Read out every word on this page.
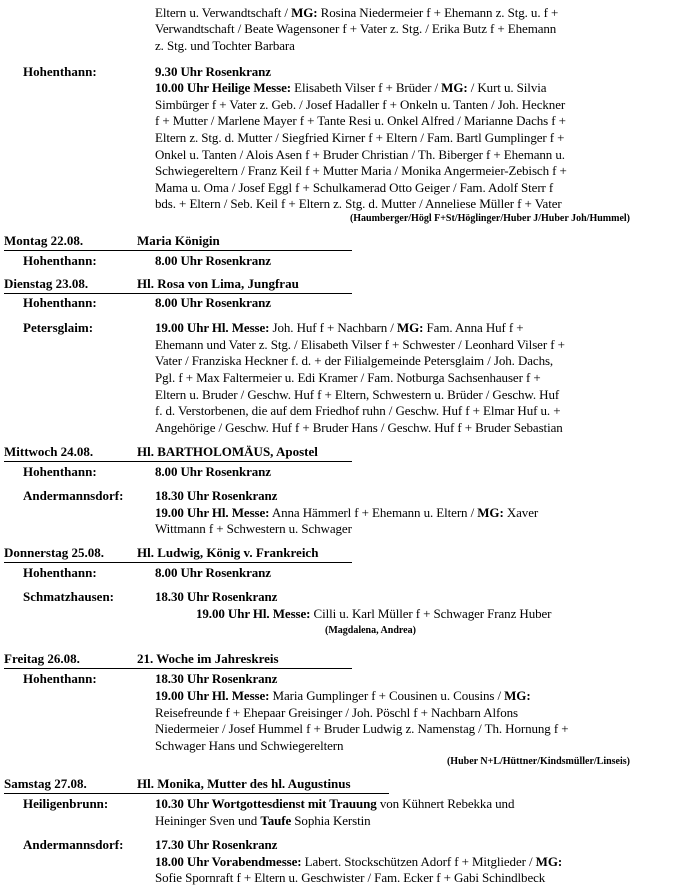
Eltern u. Verwandtschaft / MG: Rosina Niedermeier f + Ehemann z. Stg. u. f +
Verwandtschaft / Beate Wagensoner f + Vater z. Stg. / Erika Butz f + Ehemann
z. Stg. und Tochter Barbara
Hohenthann:	9.30 Uhr Rosenkranz
10.00 Uhr Heilige Messe: Elisabeth Vilser f + Brüder / MG: / Kurt u. Silvia
Simbürger f + Vater z. Geb. / Josef Hadaller f + Onkeln u. Tanten / Joh. Heckner
f + Mutter / Marlene Mayer f + Tante Resi u. Onkel Alfred / Marianne Dachs f +
Eltern z. Stg. d. Mutter / Siegfried Kirner f + Eltern / Fam. Bartl Gumplinger f +
Onkel u. Tanten / Alois Asen f + Bruder Christian / Th. Biberger f + Ehemann u.
Schwiegereltern / Franz Keil f + Mutter Maria / Monika Angermeier-Zebisch f +
Mama u. Oma / Josef Eggl f + Schulkamerad Otto Geiger / Fam. Adolf Sterr f
bds. + Eltern / Seb. Keil f + Eltern z. Stg. d. Mutter / Anneliese Müller f + Vater
(Haumberger/Högl F+St/Höglinger/Huber J/Huber Joh/Hummel)
Montag 22.08.	Maria Königin
Hohenthann:	8.00 Uhr Rosenkranz
Dienstag 23.08.	Hl. Rosa von Lima, Jungfrau
Hohenthann:	8.00 Uhr Rosenkranz
Petersglaim:	19.00 Uhr Hl. Messe: Joh. Huf f + Nachbarn / MG: Fam. Anna Huf f +
Ehemann und Vater z. Stg. / Elisabeth Vilser f + Schwester / Leonhard Vilser f +
Vater / Franziska Heckner f. d. + der Filialgemeinde Petersglaim / Joh. Dachs,
Pgl. f + Max Faltermeier u. Edi Kramer / Fam. Notburga Sachsenhauser f +
Eltern u. Bruder / Geschw. Huf f + Eltern, Schwestern u. Brüder / Geschw. Huf
f. d. Verstorbenen, die auf dem Friedhof ruhn / Geschw. Huf f + Elmar Huf u. +
Angehörige / Geschw. Huf f + Bruder Hans / Geschw. Huf f + Bruder Sebastian
Mittwoch 24.08.	Hl. BARTHOLOMÄUS, Apostel
Hohenthann:	8.00 Uhr Rosenkranz
Andermannsdorf: 18.30 Uhr Rosenkranz
19.00 Uhr Hl. Messe: Anna Hämmerl f + Ehemann u. Eltern / MG: Xaver
Wittmann f + Schwestern u. Schwager
Donnerstag 25.08.	Hl. Ludwig, König v. Frankreich
Hohenthann:	8.00 Uhr Rosenkranz
Schmatzhausen:	18.30 Uhr Rosenkranz
19.00 Uhr Hl. Messe: Cilli u. Karl Müller f + Schwager Franz Huber
(Magdalena, Andrea)
Freitag 26.08.	21. Woche im Jahreskreis
Hohenthann:	18.30 Uhr Rosenkranz
19.00 Uhr Hl. Messe: Maria Gumplinger f + Cousinen u. Cousins / MG:
Reisefreunde f + Ehepaar Greisinger / Joh. Pöschl f + Nachbarn Alfons
Niedermeier / Josef Hummel f + Bruder Ludwig z. Namenstag / Th. Hornung f +
Schwager Hans und Schwiegereltern
(Huber N+L/Hüttner/Kindsmüller/Linseis)
Samstag 27.08.	Hl. Monika, Mutter des hl. Augustinus
Heiligenbrunn:	10.30 Uhr Wortgottesdienst mit Trauung von Kühnert Rebekka und
Heininger Sven und Taufe Sophia Kerstin
Andermannsdorf: 17.30 Uhr Rosenkranz
18.00 Uhr Vorabendmesse: Labert. Stockschützen Adorf f + Mitglieder / MG:
Sofie Spornraft f + Eltern u. Geschwister / Fam. Ecker f + Gabi Schindlbeck
